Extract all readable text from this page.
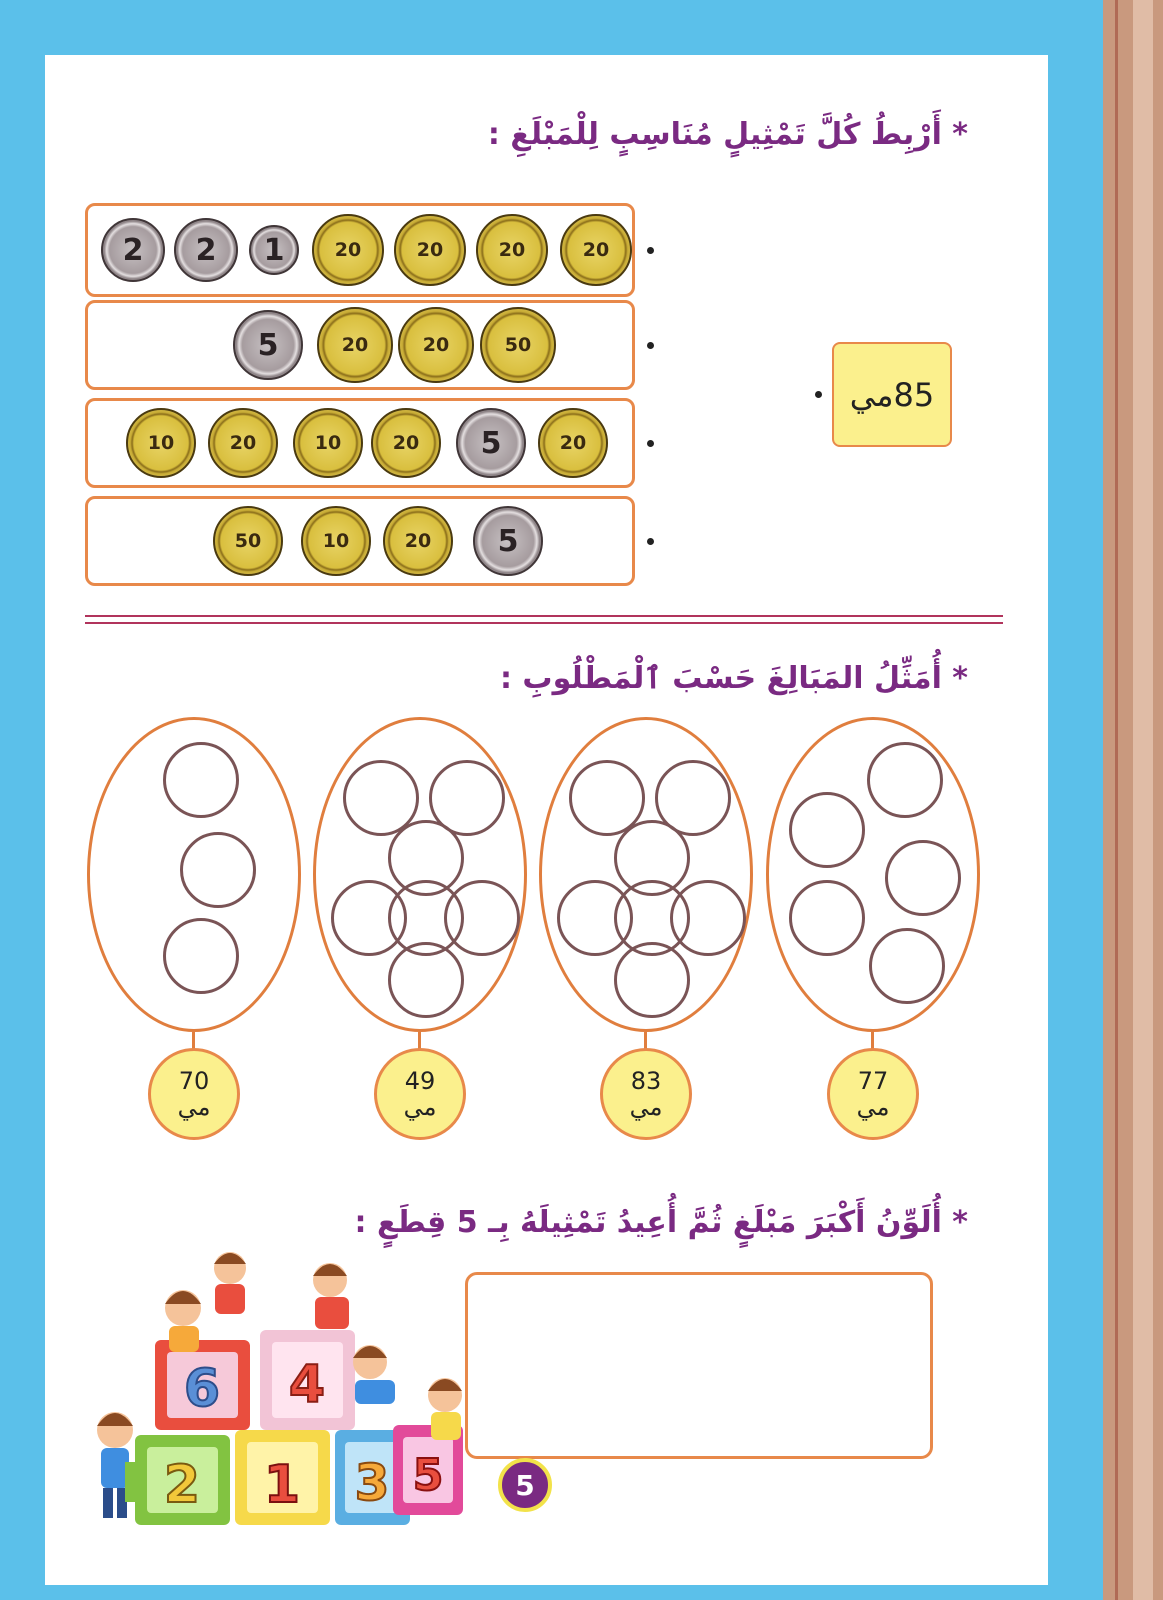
* أَرْبِطُ كُلَّ تَمْثِيلٍ مُنَاسِبٍ لِلْمَبْلَغِ :
2 2 1	20	20	20	20
5	20	20	50
10	20	10	20 5	20
50	10	20 5
85مي
* أُمَثِّلُ المَبَالِغَ حَسْبَ ٱلْمَطْلُوبِ :
70
مي
49
مي
83
مي
77
مي
* أُلَوِّنُ أَكْبَرَ مَبْلَغٍ ثُمَّ أُعِيدُ تَمْثِيلَهُ بِـ 5 قِطَعٍ :
6 4
2 1 3 5	5
